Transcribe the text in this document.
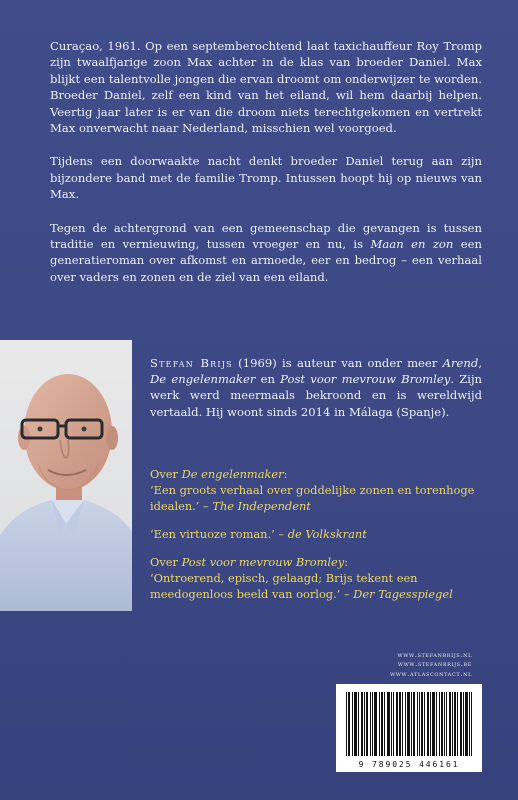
Curaçao, 1961. Op een septemberochtend laat taxichauffeur Roy Tromp zijn twaalfjarige zoon Max achter in de klas van broeder Daniel. Max blijkt een talentvolle jongen die ervan droomt om onderwijzer te worden. Broeder Daniel, zelf een kind van het eiland, wil hem daarbij helpen. Veertig jaar later is er van die droom niets terechtgekomen en vertrekt Max onverwacht naar Nederland, misschien wel voorgoed.

Tijdens een doorwaakte nacht denkt broeder Daniel terug aan zijn bijzondere band met de familie Tromp. Intussen hoopt hij op nieuws van Max.

Tegen de achtergrond van een gemeenschap die gevangen is tussen traditie en vernieuwing, tussen vroeger en nu, is Maan en zon een generatieroman over afkomst en armoede, eer en bedrog – een verhaal over vaders en zonen en de ziel van een eiland.

Stefan Brijs (1969) is auteur van onder meer Arend, De engelenmaker en Post voor mevrouw Bromley. Zijn werk werd meermaals bekroond en is wereldwijd vertaald. Hij woont sinds 2014 in Málaga (Spanje).

Over De engelenmaker:

‘Een groots verhaal over goddelijke zonen en torenhoge idealen.’ – The Independent

‘Een virtuoze roman.’ – de Volkskrant

Over Post voor mevrouw Bromley:

‘Ontroerend, episch, gelaagd; Brijs tekent een meedogenloos beeld van oorlog.’ – Der Tagesspiegel

www.stefanbrijs.nl
www.stefanbrijs.be
www.atlascontact.nl
9 789025 446161
